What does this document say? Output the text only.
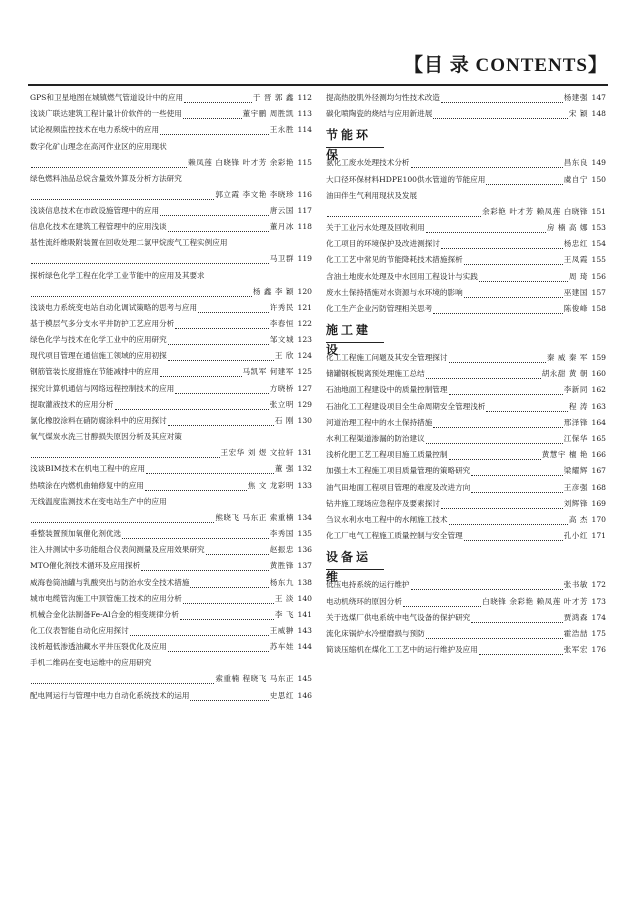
【目 录 CONTENTS】
GPS和卫星地图在城镇燃气管道设计中的应用	于 晋 郭 鑫 112
浅谈广联达建筑工程计量计价软件的一些使用	董宇鹏 周胜凯 113
试论视频监控技术在电力系统中的应用	王永胜 114
数字化矿山理念在高河作业区的应用现状
赖凤莲 白晓锋 叶才芳 余彩艳 115
绿色燃料油品总烷含量效外算及分析方法研究
郭立霞 李文艳 李晓珍 116
浅谈信息技术在市政设施管理中的应用	唐云国 117
信息化技术在建筑工程管理中的应用浅谈	董月冰 118
基性流纤维吸附装置在回收处理二氯甲烷废气工程实例应用
马卫群 119
探析绿色化学工程在化学工业节能中的应用及其要求
杨 鑫 李 颖 120
浅谈电力系统变电站自动化调试策略的思考与应用	许秀民 121
基于模层气多分支水平井防护工艺应用分析	李春恒 122
绿色化学与技术在化学工业中的应用研究	邹文城 123
现代项目管理在通信施工领域的应用初探	王 欣 124
钢筋管装长度措施在节能减排中的应用	马凯军 何建军 125
探究计算机通信与网络远程控制技术的应用	方晓桥 127
提取灌液技术的应用分析	张立明 129
氯化橡胶涂料在硝防腐涂料中的应用探讨	石 刚 130
氧气煤炭水洗三甘醇损失原因分析及其应对策
王宏华 刘 煜 文拉轩 131
浅谈BIM技术在机电工程中的应用	董 强 132
热喷涂在内燃机曲轴修复中的应用	焦 文 龙彩明 133
无线温度监测技术在变电站生产中的应用
熊晓飞 马东正 索重楠 134
垂整装置预加氧催化剂优选	李秀国 135
注入井测试中多功能组合仪表间测量及应用效果研究	赵振忠 136
MTO催化剂技术循环及应用探析	黄胜锋 137
威海卷筒油罐与乳酸突出与防治水安全技术措施	杨东九 138
城市电缆管沟施工中顶管施工技术的应用分析	王 淡 140
机械合金化法制备Fe-Al合金的相变规律分析	李 飞 141
化工仪表智能自动化应用探讨	王威翀 143
浅析超低渗透油藏水平井压裂优化及应用	苏车娃 144
手机二维码在变电运维中的应用研究
索重楠 程晓飞 马东正 145
配电网运行与管理中电力自动化系统技术的运用	史思红 146
提高热胶肌外径测均匀性技术改造	杨建强 147
碳化喷陶瓷的烧结与应用新进展	宋 颖 148
节能环保
氨化工废水处理技术分析	昌东良 149
大口径环保材料HDPE100供水管道的节能应用	虞自宁 150
油田伴生气利用现状及发展
余彩艳 叶才芳 赖凤莲 白晓锋 151
关于工业污水处理及回收利用	房 楠 高 娜 153
化工项目的环境保护及改进测探讨	杨忠红 154
化工工艺中常见的节能降耗技术措施探析	王凤霞 155
含油土地废水处理及中水回用工程设计与实践	周 琦 156
废水土保持措施对水资源与水环境的影响	巫建国 157
化工生产企业污防管理相关思考	陈俊峰 158
施工建设
化工工程施工问题及其安全管理探讨	秦 威 秦 军 159
储罐钢板脱离预处理施工总结	胡永甜 黄 朝 160
石油地面工程建设中的质量控制管理	李新同 162
石油化工工程建设项目全生命周期安全管理浅析	程 涛 163
河道治理工程中的水土保持措施	邢泽锋 164
水利工程渠道渗漏的防治建议	江保华 165
浅析化肥工艺工程项目施工质量控制	黄慧宇 檀 艳 166
加强土木工程施工项目质量管理的策略研究	梁耀辉 167
油气田地面工程项目管理的难度及改进方向	王彦强 168
钻井施工现场应急程序及要素探讨	刘辉锋 169
刍议水利水电工程中的水闸施工技术	高 杰 170
化工厂电气工程施工质量控制与安全管理	孔小红 171
设备运维
低压电持系统的运行维护	张书敏 172
电动机绕环的原因分析	白晓锋 余彩艳 赖凤莲 叶才芳 173
关于选煤厂供电系统中电气设备的保护研究	贾鸿森 174
流化床锅炉水冷壁磨损与预防	霍浩喆 175
简谈压缩机在煤化工工艺中的运行维护及应用	张军宏 176
